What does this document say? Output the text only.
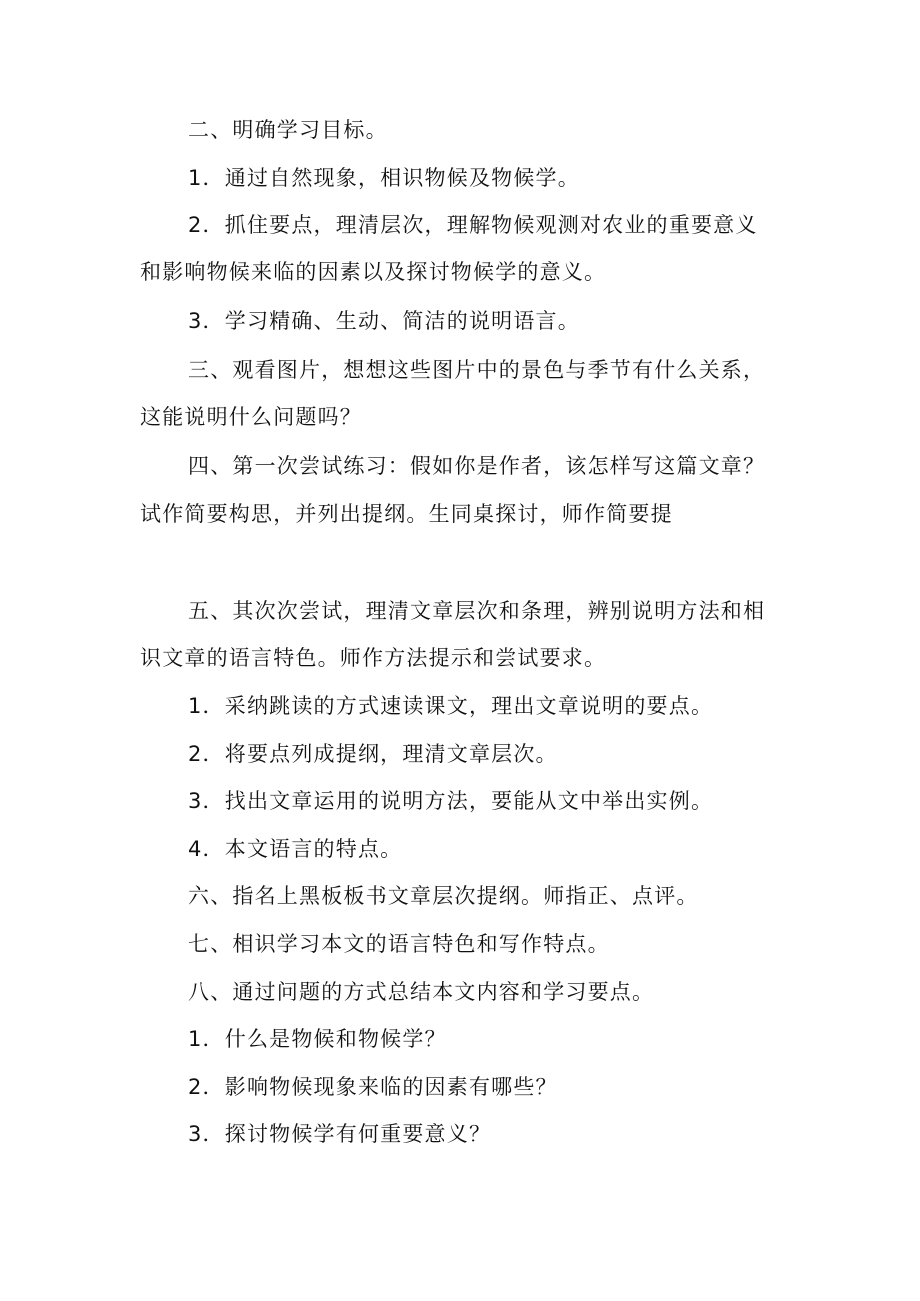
二、明确学习目标。
1．通过自然现象，相识物候及物候学。
2．抓住要点，理清层次，理解物候观测对农业的重要意义
和影响物候来临的因素以及探讨物候学的意义。
3．学习精确、生动、简洁的说明语言。
三、观看图片，想想这些图片中的景色与季节有什么关系，
这能说明什么问题吗？
四、第一次尝试练习：假如你是作者，该怎样写这篇文章？
试作简要构思，并列出提纲。生同桌探讨，师作简要提
五、其次次尝试，理清文章层次和条理，辨别说明方法和相
识文章的语言特色。师作方法提示和尝试要求。
1．采纳跳读的方式速读课文，理出文章说明的要点。
2．将要点列成提纲，理清文章层次。
3．找出文章运用的说明方法，要能从文中举出实例。
4．本文语言的特点。
六、指名上黑板板书文章层次提纲。师指正、点评。
七、相识学习本文的语言特色和写作特点。
八、通过问题的方式总结本文内容和学习要点。
1．什么是物候和物候学？
2．影响物候现象来临的因素有哪些？
3．探讨物候学有何重要意义？
